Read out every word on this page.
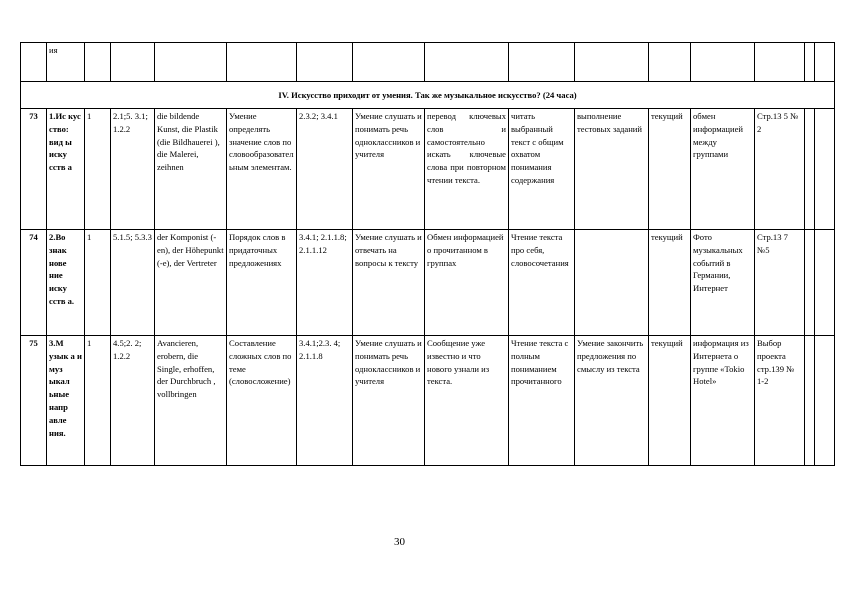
	ия														
IV. Искусство приходит от умения. Так же музыкальное искусство? (24 часа)															
73	1.Ис кус ство: вид ы иску сств а	1	2.1;5. 3.1; 1.2.2	die bildende Kunst, die Plastik (die Bildhauerei ), die Malerei, zeihnen	Умение определять значение слов по словообразовательным элементам.	2.3.2; 3.4.1	Умение слушать и понимать речь одноклассников и учителя	перевод ключевых слов и самостоятельно искать ключевые слова при повторном чтении текста.	читать выбранный текст с общим охватом понимания содержания	выполнение тестовых заданий	текущий	обмен информацией между группами	Стр.13 5 № 2		
74	2.Во знак нове ние иску сств а.	1	5.1.5; 5.3.3	der Komponist (-en), der Höhepunkt (-e), der Vertreter	Порядок слов в придаточных предложениях	3.4.1; 2.1.1.8; 2.1.1.12	Умение слушать и отвечать на вопросы к тексту	Обмен информацией о прочитанном в группах	Чтение текста про себя, словосочетания		текущий	Фото музыкальных событий в Германии, Интернет	Стр.13 7 №5		
75	3.М узык а и муз ыкал ьные напр авле ния.	1	4.5;2. 2; 1.2.2	Avancieren, erobern, die Single, erhoffen, der Durchbruch , vollbringen	Составление сложных слов по теме (словосложение)	3.4.1;2.3. 4; 2.1.1.8	Умение слушать и понимать речь одноклассников и учителя	Сообщение уже известно и что нового узнали из текста.	Чтение текста с полным пониманием прочитанного	Умение закончить предложения по смыслу из текста	текущий	информация из Интернета о группе «Tokio Hotel»	Выбор проекта стр.139 № 1-2		
30
